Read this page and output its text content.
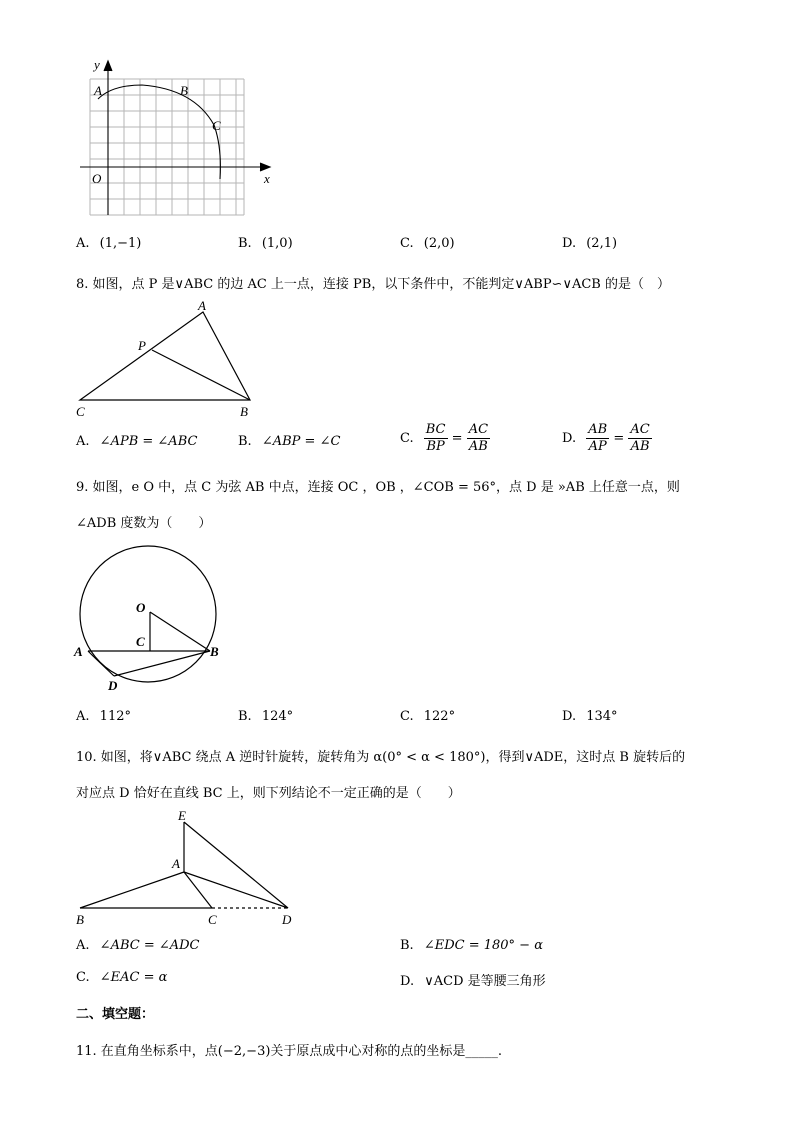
y
x
O
A	B
C
A. (1,−1)	B. (1,0)	C. (2,0)	D. (2,1)
8. 如图，点 P 是∨ABC 的边 AC 上一点，连接 PB，以下条件中，不能判定∨ABP∽∨ACB 的是（　）
A
P
C	B
A. ∠APB = ∠ABC	B. ∠ABP = ∠C	C. $\frac{BC}{BP} = \frac{AC}{AB}$	D. $\frac{AB}{AP} = \frac{AC}{AB}$
9. 如图，e O 中，点 C 为弦 AB 中点，连接 OC ，OB ，∠COB = 56°，点 D 是 »AB 上任意一点，则
∠ADB 度数为（　　）
O
C
A	B
D
A. 112°	B. 124°	C. 122°	D. 134°
10. 如图，将∨ABC 绕点 A 逆时针旋转，旋转角为 α(0° < α < 180°)，得到∨ADE，这时点 B 旋转后的
对应点 D 恰好在直线 BC 上，则下列结论不一定正确的是（　　）
E
A
B	C	D
A. ∠ABC = ∠ADC	B. ∠EDC = 180° − α
C. ∠EAC = α	D. ∨ACD 是等腰三角形
二、填空题：
11. 在直角坐标系中，点(−2,−3)关于原点成中心对称的点的坐标是_____.
